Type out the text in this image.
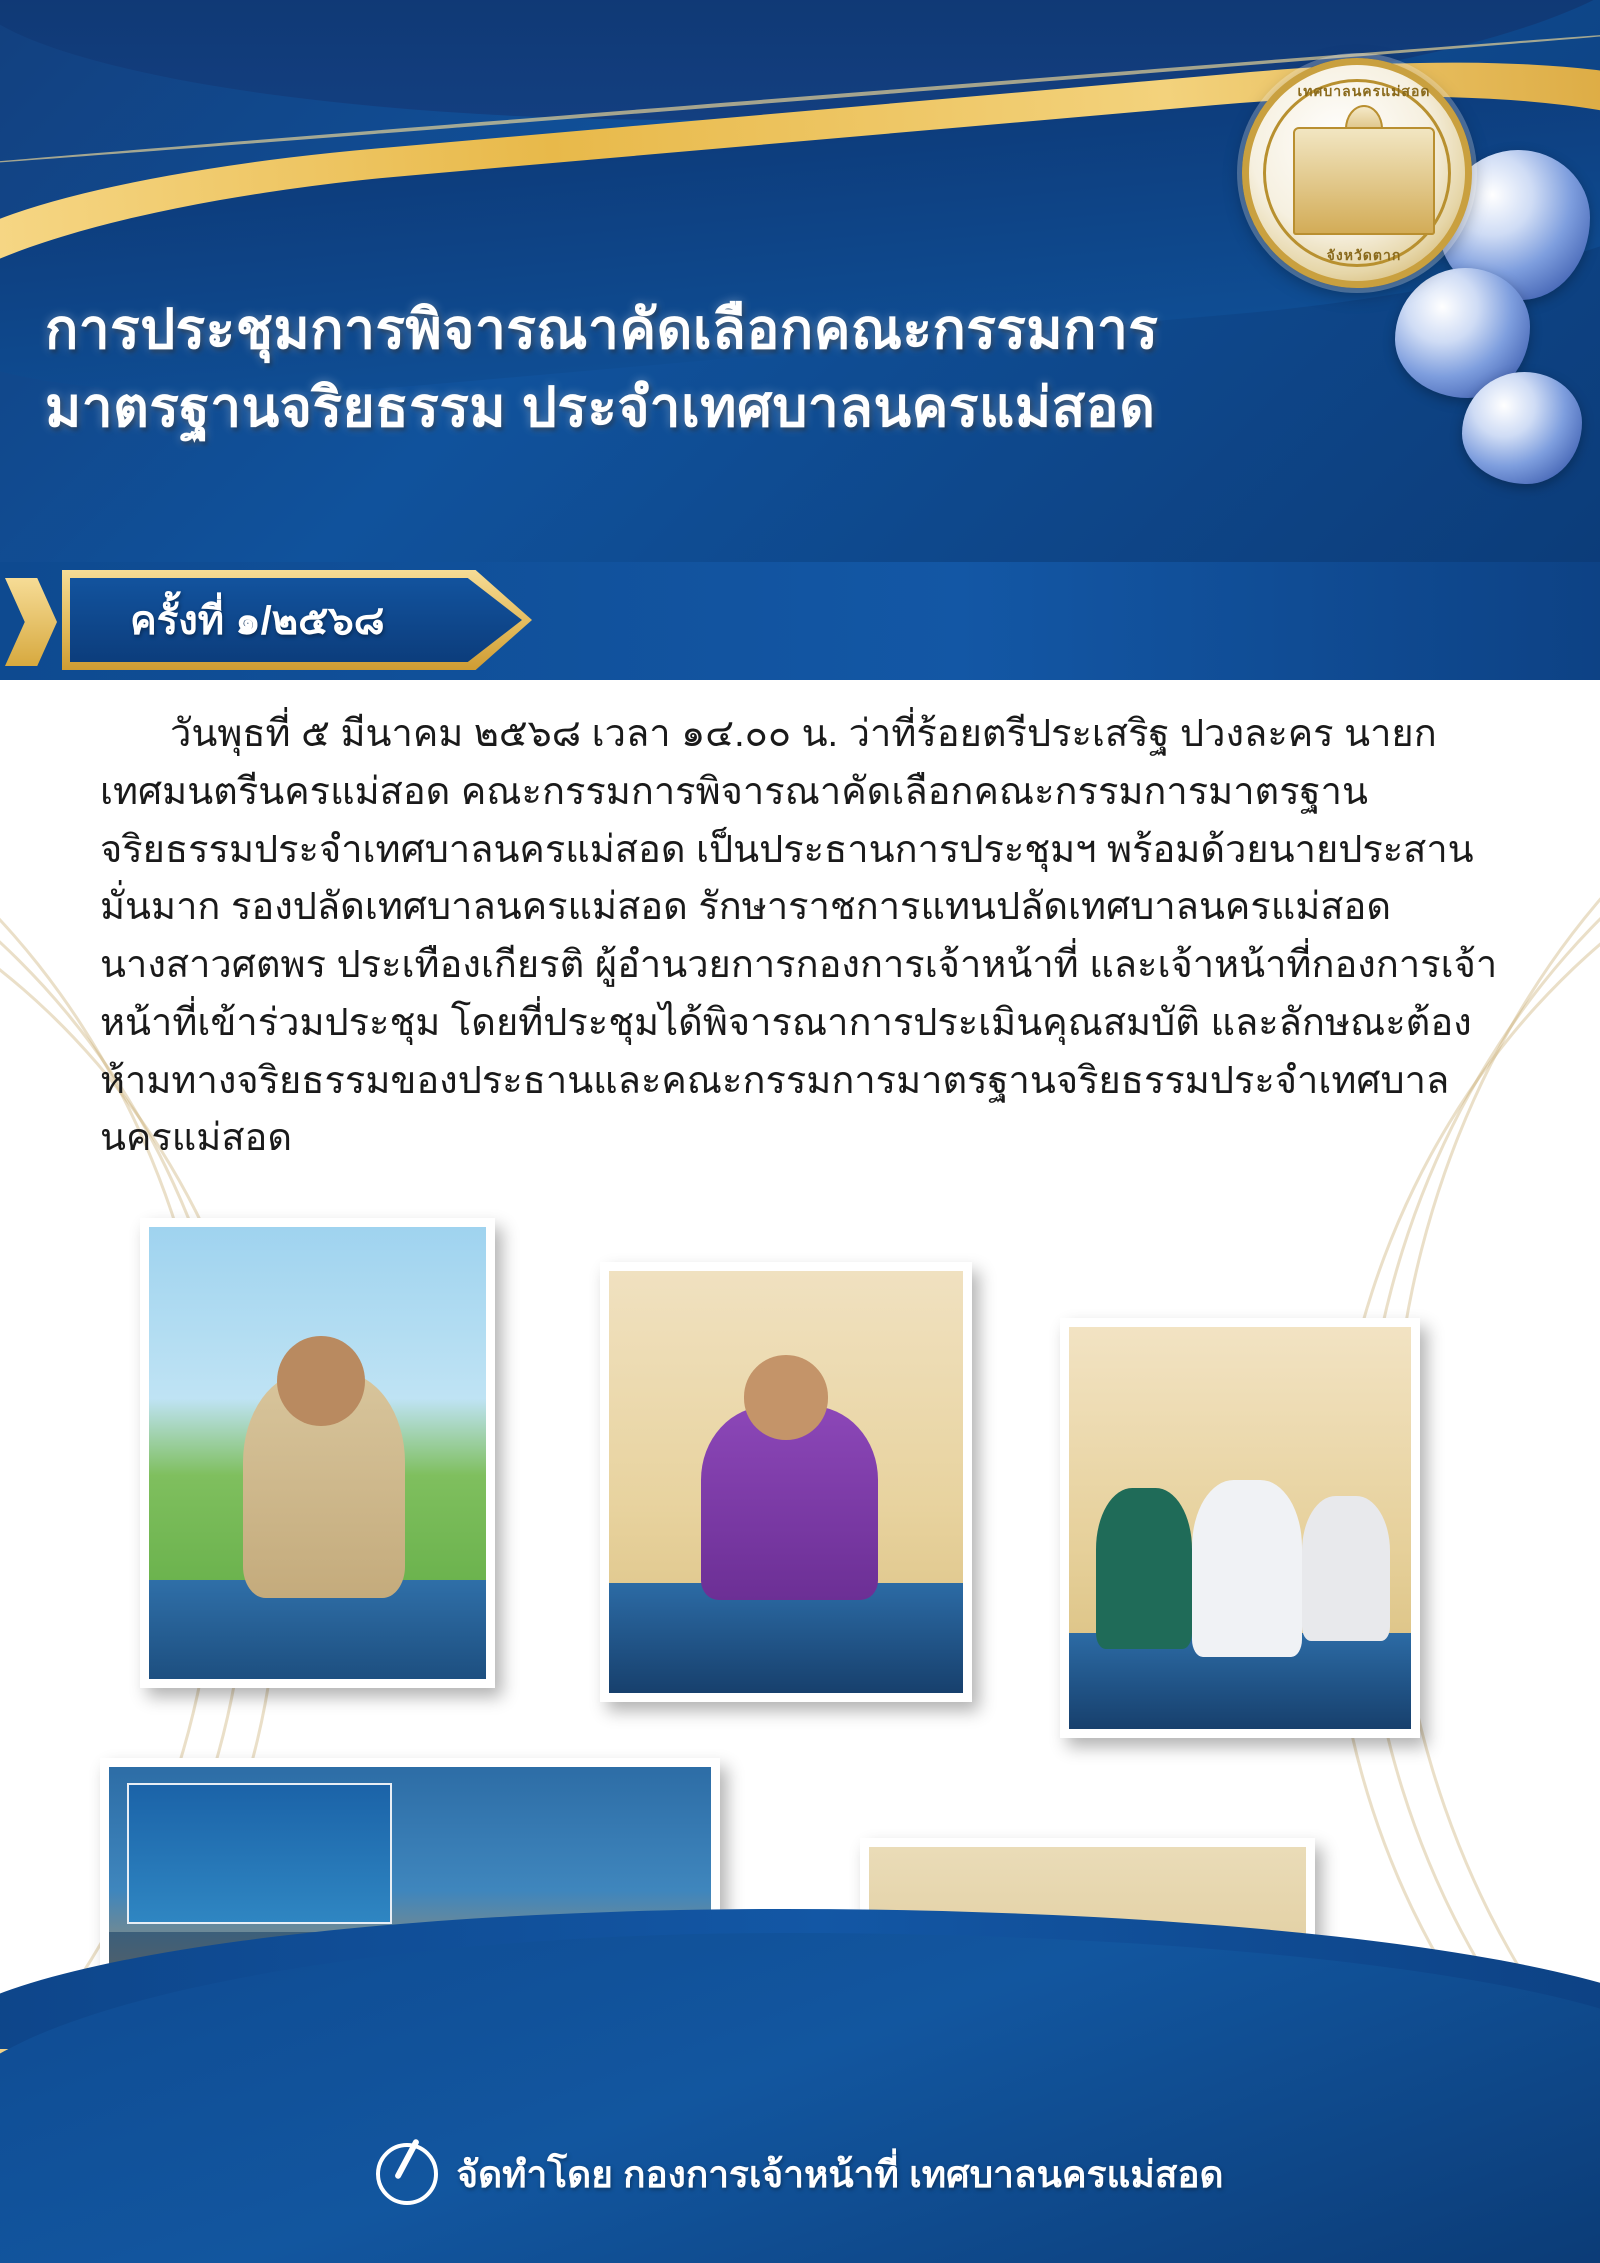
เทศบาลนครแม่สอด
จังหวัดตาก
การประชุมการพิจารณาคัดเลือกคณะกรรมการ
มาตรฐานจริยธรรม ประจำเทศบาลนครแม่สอด
ครั้งที่ ๑/๒๕๖๘
วันพุธที่ ๕ มีนาคม ๒๕๖๘ เวลา ๑๔.๐๐ น. ว่าที่ร้อยตรีประเสริฐ ปวงละคร นายกเทศมนตรีนครแม่สอด คณะกรรมการพิจารณาคัดเลือกคณะกรรมการมาตรฐานจริยธรรมประจำเทศบาลนครแม่สอด เป็นประธานการประชุมฯ พร้อมด้วยนายประสาน มั่นมาก รองปลัดเทศบาลนครแม่สอด รักษาราชการแทนปลัดเทศบาลนครแม่สอด นางสาวศตพร ประเทืองเกียรติ ผู้อำนวยการกองการเจ้าหน้าที่ และเจ้าหน้าที่กองการเจ้าหน้าที่เข้าร่วมประชุม โดยที่ประชุมได้พิจารณาการประเมินคุณสมบัติ และลักษณะต้องห้ามทางจริยธรรมของประธานและคณะกรรมการมาตรฐานจริยธรรมประจำเทศบาลนครแม่สอด
จัดทำโดย กองการเจ้าหน้าที่ เทศบาลนครแม่สอด
